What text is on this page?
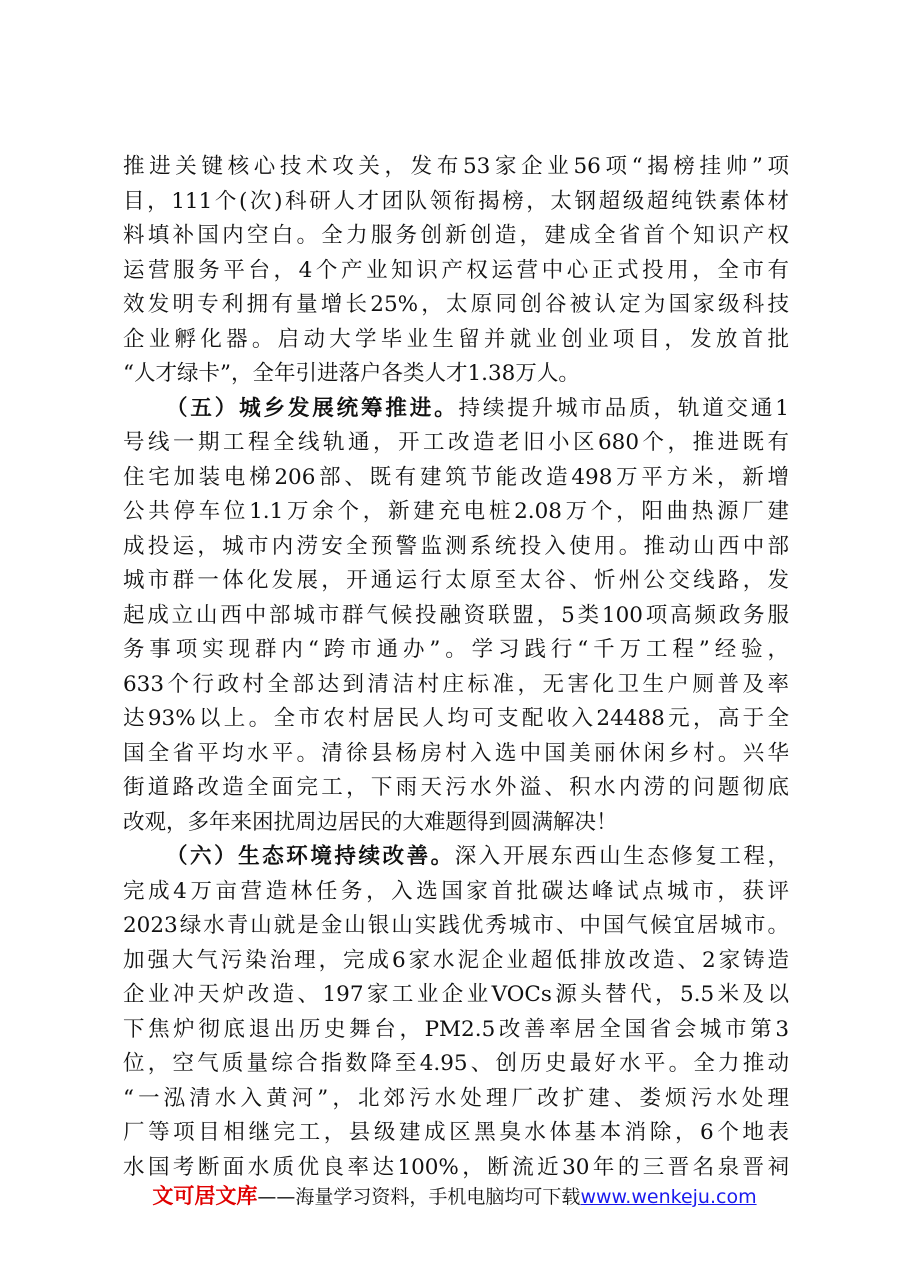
推进关键核心技术攻关，发布53家企业56项“揭榜挂帅”项
目，111个(次)科研人才团队领衔揭榜，太钢超级超纯铁素体材
料填补国内空白。全力服务创新创造，建成全省首个知识产权
运营服务平台，4个产业知识产权运营中心正式投用，全市有
效发明专利拥有量增长25%，太原同创谷被认定为国家级科技
企业孵化器。启动大学毕业生留并就业创业项目，发放首批
“人才绿卡”，全年引进落户各类人才1.38万人。
（五）城乡发展统筹推进。持续提升城市品质，轨道交通1
号线一期工程全线轨通，开工改造老旧小区680个，推进既有
住宅加装电梯206部、既有建筑节能改造498万平方米，新增
公共停车位1.1万余个，新建充电桩2.08万个，阳曲热源厂建
成投运，城市内涝安全预警监测系统投入使用。推动山西中部
城市群一体化发展，开通运行太原至太谷、忻州公交线路，发
起成立山西中部城市群气候投融资联盟，5类100项高频政务服
务事项实现群内“跨市通办”。学习践行“千万工程”经验，
633个行政村全部达到清洁村庄标准，无害化卫生户厕普及率
达93%以上。全市农村居民人均可支配收入24488元，高于全
国全省平均水平。清徐县杨房村入选中国美丽休闲乡村。兴华
街道路改造全面完工，下雨天污水外溢、积水内涝的问题彻底
改观，多年来困扰周边居民的大难题得到圆满解决！
（六）生态环境持续改善。深入开展东西山生态修复工程，
完成4万亩营造林任务，入选国家首批碳达峰试点城市，获评
2023绿水青山就是金山银山实践优秀城市、中国气候宜居城市。
加强大气污染治理，完成6家水泥企业超低排放改造、2家铸造
企业冲天炉改造、197家工业企业VOCs源头替代，5.5米及以
下焦炉彻底退出历史舞台，PM2.5改善率居全国省会城市第3
位，空气质量综合指数降至4.95、创历史最好水平。全力推动
“一泓清水入黄河”，北郊污水处理厂改扩建、娄烦污水处理
厂等项目相继完工，县级建成区黑臭水体基本消除，6个地表
水国考断面水质优良率达100%，断流近30年的三晋名泉晋祠
文可居文库——海量学习资料，手机电脑均可下载www.wenkeju.com
